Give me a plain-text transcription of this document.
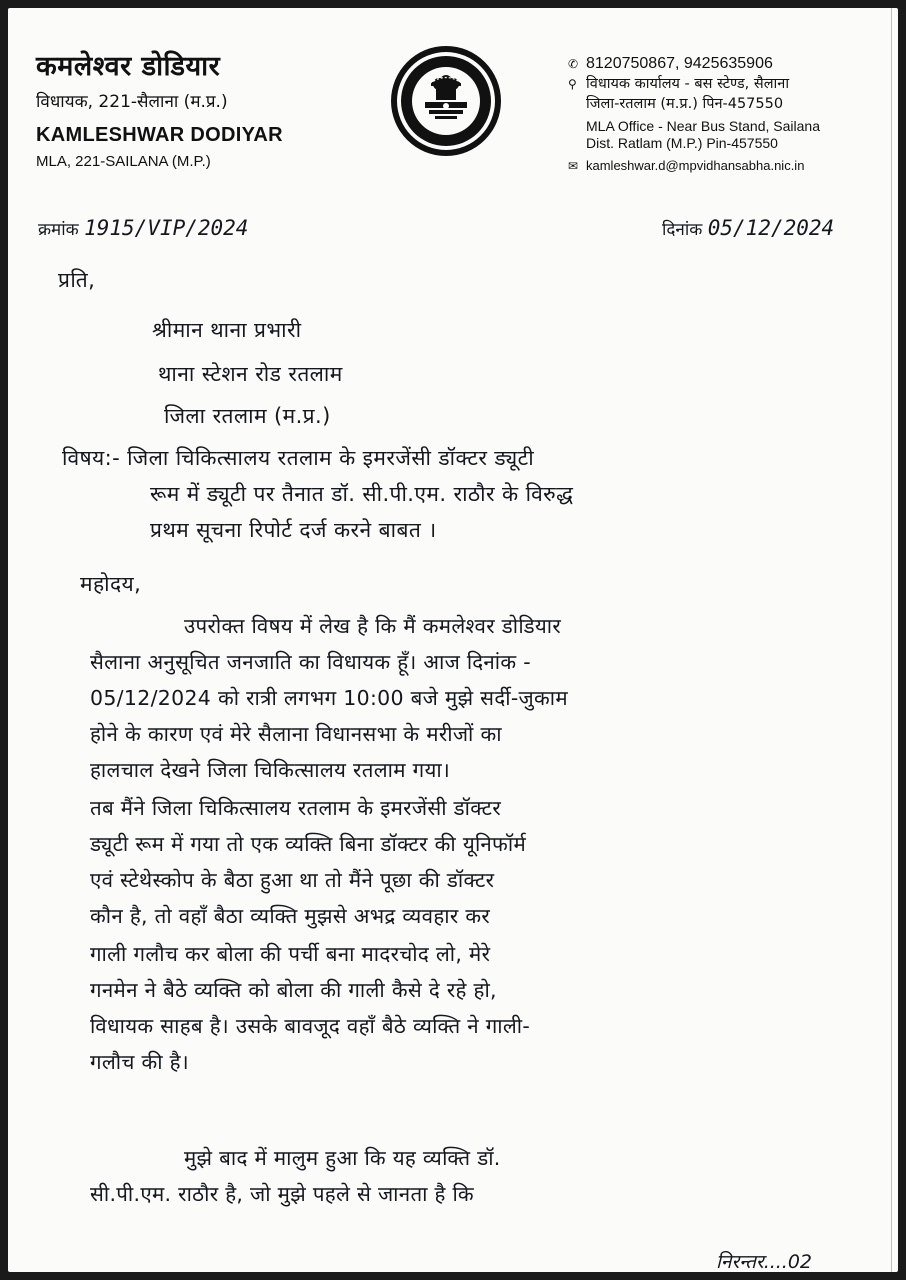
कमलेश्वर डोडियार
विधायक, 221-सैलाना (म.प्र.)
KAMLESHWAR DODIYAR
MLA, 221-SAILANA (M.P.)
✆ 8120750867, 9425635906
⚲ विधायक कार्यालय - बस स्टेण्ड, सैलाना
जिला-रतलाम (म.प्र.) पिन-457550
MLA Office - Near Bus Stand, Sailana
Dist. Ratlam (M.P.) Pin-457550
✉ kamleshwar.d@mpvidhansabha.nic.in
क्रमांक 1915/VIP/2024	दिनांक 05/12/2024
प्रति,
श्रीमान थाना प्रभारी
थाना स्टेशन रोड रतलाम
जिला रतलाम (म.प्र.)
विषय:- जिला चिकित्सालय रतलाम के इमरजेंसी डॉक्टर ड्यूटी
रूम में ड्यूटी पर तैनात डॉ. सी.पी.एम. राठौर के विरुद्ध
प्रथम सूचना रिपोर्ट दर्ज करने बाबत ।
महोदय,
उपरोक्त विषय में लेख है कि मैं कमलेश्वर डोडियार
सैलाना अनुसूचित जनजाति का विधायक हूँ। आज दिनांक -
05/12/2024 को रात्री लगभग 10:00 बजे मुझे सर्दी-जुकाम
होने के कारण एवं मेरे सैलाना विधानसभा के मरीजों का
हालचाल देखने जिला चिकित्सालय रतलाम गया।
तब मैंने जिला चिकित्सालय रतलाम के इमरजेंसी डॉक्टर
ड्यूटी रूम में गया तो एक व्यक्ति बिना डॉक्टर की यूनिफॉर्म
एवं स्टेथेस्कोप के बैठा हुआ था तो मैंने पूछा की डॉक्टर
कौन है, तो वहाँ बैठा व्यक्ति मुझसे अभद्र व्यवहार कर
गाली गलौच कर बोला की पर्ची बना मादरचोद लो, मेरे
गनमेन ने बैठे व्यक्ति को बोला की गाली कैसे दे रहे हो,
विधायक साहब है। उसके बावजूद वहाँ बैठे व्यक्ति ने गाली-
गलौच की है।
मुझे बाद में मालुम हुआ कि यह व्यक्ति डॉ.
सी.पी.एम. राठौर है, जो मुझे पहले से जानता है कि
निरन्तर....02
